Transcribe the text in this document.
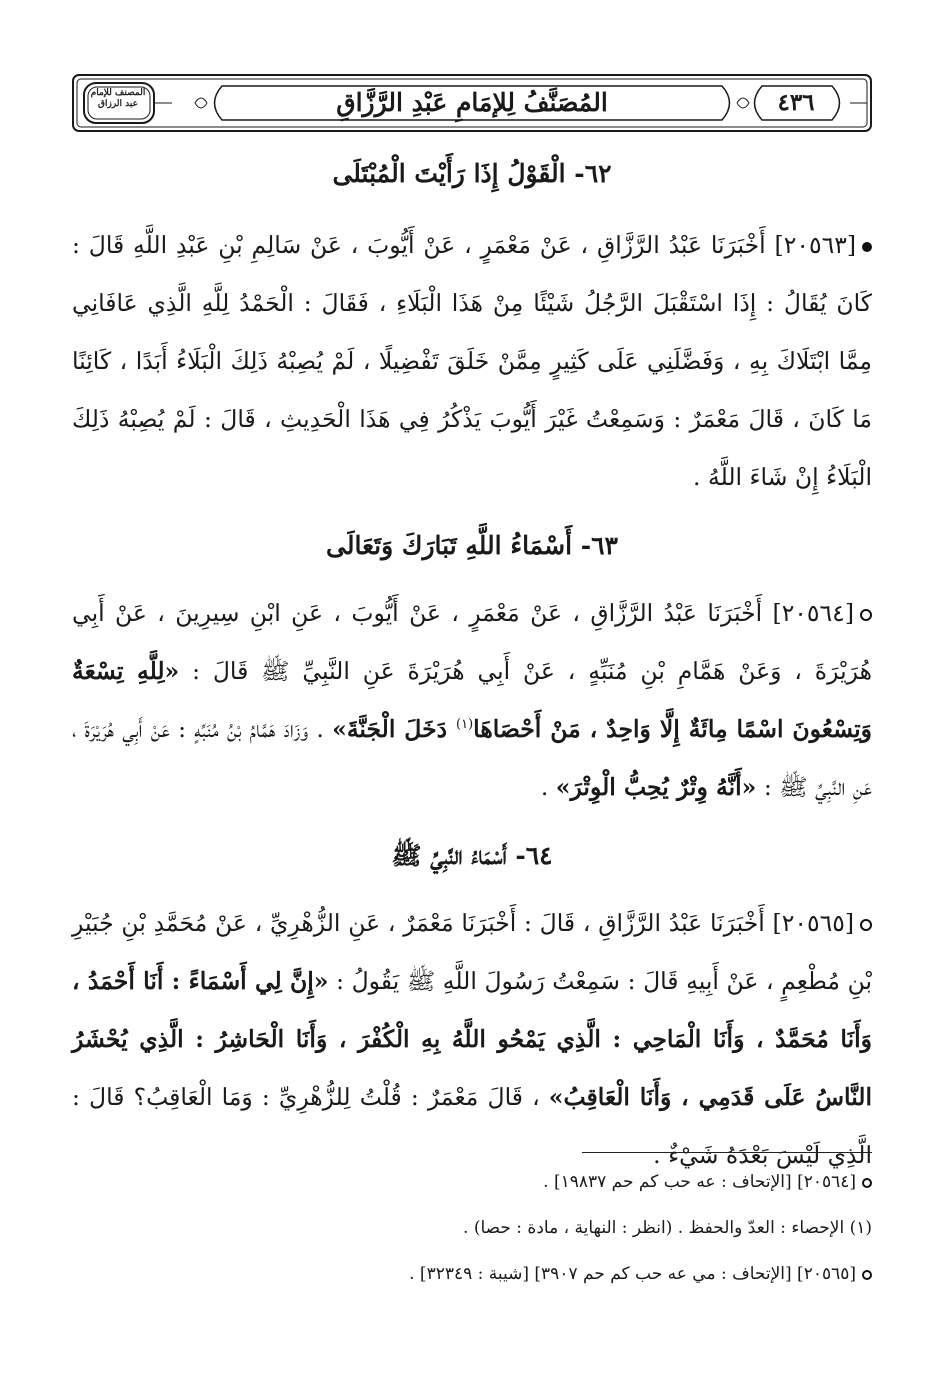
المصنف للإمام عبد الرزاق	٤٣٦
المُصَنَّفُ لِلإمَامِ عَبْدِ الرَّزَّاقِ
٦٢- الْقَوْلُ إِذَا رَأَيْتَ الْمُبْتَلَى

[٢٠٥٦٣] أَخْبَرَنَا عَبْدُ الرَّزَّاقِ ، عَنْ مَعْمَرٍ ، عَنْ أَيُّوبَ ، عَنْ سَالِمِ بْنِ عَبْدِ اللَّهِ قَالَ : كَانَ يُقَالُ : إِذَا اسْتَقْبَلَ الرَّجُلُ شَيْئًا مِنْ هَذَا الْبَلَاءِ ، فَقَالَ : الْحَمْدُ لِلَّهِ الَّذِي عَافَانِي مِمَّا ابْتَلَاكَ بِهِ ، وَفَضَّلَنِي عَلَى كَثِيرٍ مِمَّنْ خَلَقَ تَفْضِيلًا ، لَمْ يُصِبْهُ ذَلِكَ الْبَلَاءُ أَبَدًا ، كَائِنًا مَا كَانَ ، قَالَ مَعْمَرٌ : وَسَمِعْتُ غَيْرَ أَيُّوبَ يَذْكُرُ فِي هَذَا الْحَدِيثِ ، قَالَ : لَمْ يُصِبْهُ ذَلِكَ الْبَلَاءُ إِنْ شَاءَ اللَّهُ .

٦٣- أَسْمَاءُ اللَّهِ تَبَارَكَ وَتَعَالَى

[٢٠٥٦٤] أَخْبَرَنَا عَبْدُ الرَّزَّاقِ ، عَنْ مَعْمَرٍ ، عَنْ أَيُّوبَ ، عَنِ ابْنِ سِيرِينَ ، عَنْ أَبِي هُرَيْرَةَ ، وَعَنْ هَمَّامِ بْنِ مُنَبِّهٍ ، عَنْ أَبِي هُرَيْرَةَ عَنِ النَّبِيِّ ﷺ قَالَ : «لِلَّهِ تِسْعَةٌ وَتِسْعُونَ اسْمًا مِائَةٌ إِلَّا وَاحِدٌ ، مَنْ أَحْصَاهَا$^{(١)}$ دَخَلَ الْجَنَّةَ» . وَزَادَ هَمَّامُ بْنُ مُنَبِّهٍ : عَنْ أَبِي هُرَيْرَةَ ، عَنِ النَّبِيِّ ﷺ : «أَنَّهُ وِتْرٌ يُحِبُّ الْوِتْرَ» .

٦٤- أَسْمَاءُ النَّبِيِّ ﷺ

[٢٠٥٦٥] أَخْبَرَنَا عَبْدُ الرَّزَّاقِ ، قَالَ : أَخْبَرَنَا مَعْمَرٌ ، عَنِ الزُّهْرِيِّ ، عَنْ مُحَمَّدِ بْنِ جُبَيْرِ بْنِ مُطْعِمٍ ، عَنْ أَبِيهِ قَالَ : سَمِعْتُ رَسُولَ اللَّهِ ﷺ يَقُولُ : «إِنَّ لِي أَسْمَاءً : أَنَا أَحْمَدُ ، وَأَنَا مُحَمَّدٌ ، وَأَنَا الْمَاحِي : الَّذِي يَمْحُو اللَّهُ بِهِ الْكُفْرَ ، وَأَنَا الْحَاشِرُ : الَّذِي يُحْشَرُ النَّاسُ عَلَى قَدَمِي ، وَأَنَا الْعَاقِبُ» ، قَالَ مَعْمَرٌ : قُلْتُ لِلزُّهْرِيِّ : وَمَا الْعَاقِبُ؟ قَالَ : الَّذِي لَيْسَ بَعْدَهُ شَيْءٌ .

[٢٠٥٦٤] [الإتحاف : عه حب كم حم ١٩٨٣٧] .

(١) الإحصاء : العدّ والحفظ . (انظر : النهاية ، مادة : حصا) .

[٢٠٥٦٥] [الإتحاف : مي عه حب كم حم ٣٩٠٧] [شيبة : ٣٢٣٤٩] .
